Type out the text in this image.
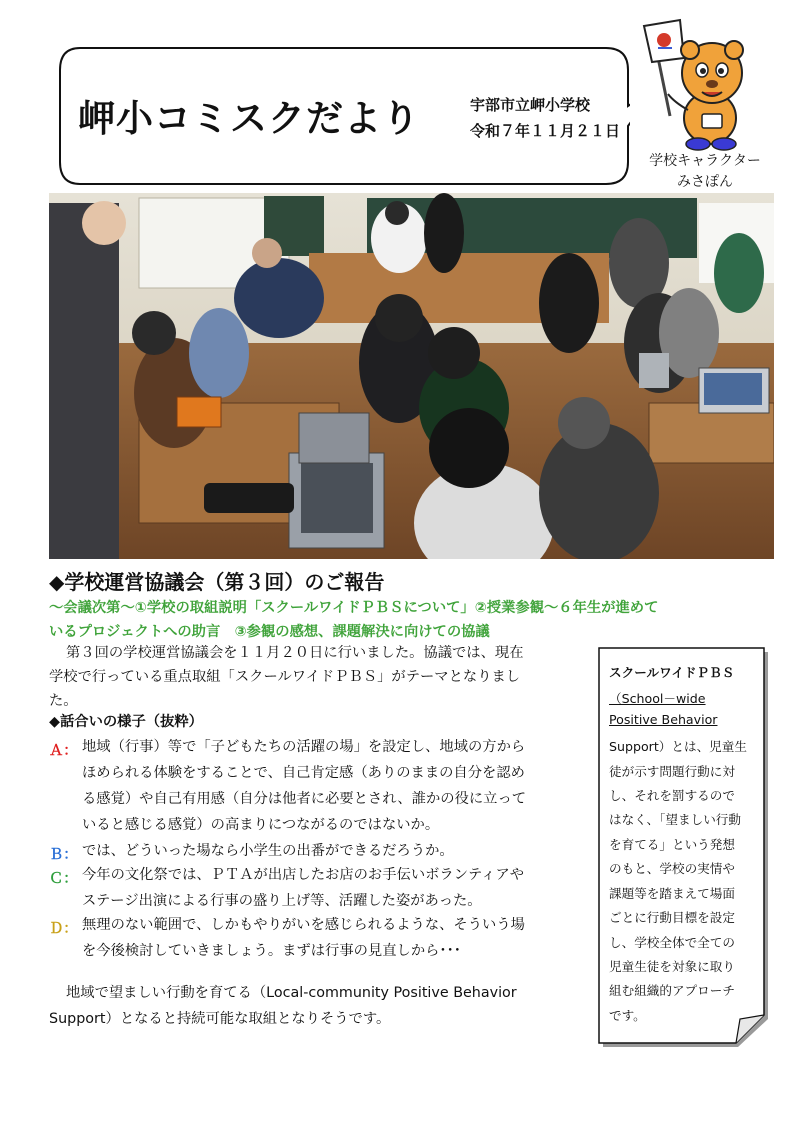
岬小コミスクだより	宇部市立岬小学校
令和７年１１月２１日
学校キャラクター
みさぽん
◆学校運営協議会（第３回）のご報告
～会議次第～①学校の取組説明「スクールワイドＰＢＳについて」②授業参観～６年生が進めて
いるプロジェクトへの助言　③参観の感想、課題解決に向けての協議
第３回の学校運営協議会を１１月２０日に行いました。協議では、現在
学校で行っている重点取組「スクールワイドＰＢＳ」がテーマとなりまし
た。
◆話合いの様子（抜粋）
Ａ： 地域（行事）等で「子どもたちの活躍の場」を設定し、地域の方から
ほめられる体験をすることで、自己肯定感（ありのままの自分を認め
る感覚）や自己有用感（自分は他者に必要とされ、誰かの役に立って
いると感じる感覚）の高まりにつながるのではないか。
Ｂ： では、どういった場なら小学生の出番ができるだろうか。
Ｃ： 今年の文化祭では、ＰＴＡが出店したお店のお手伝いボランティアや
ステージ出演による行事の盛り上げ等、活躍した姿があった。
Ｄ： 無理のない範囲で、しかもやりがいを感じられるような、そういう場
を今後検討していきましょう。まずは行事の見直しから･･･
地域で望ましい行動を育てる（Local-community Positive Behavior
Support）となると持続可能な取組となりそうです。
スクールワイドＰＢＳ
（School－wide
Positive Behavior
Support）とは、児童生
徒が示す問題行動に対
し、それを罰するので
はなく、「望ましい行動
を育てる」という発想
のもと、学校の実情や
課題等を踏まえて場面
ごとに行動目標を設定
し、学校全体で全ての
児童生徒を対象に取り
組む組織的アプローチ
です。
